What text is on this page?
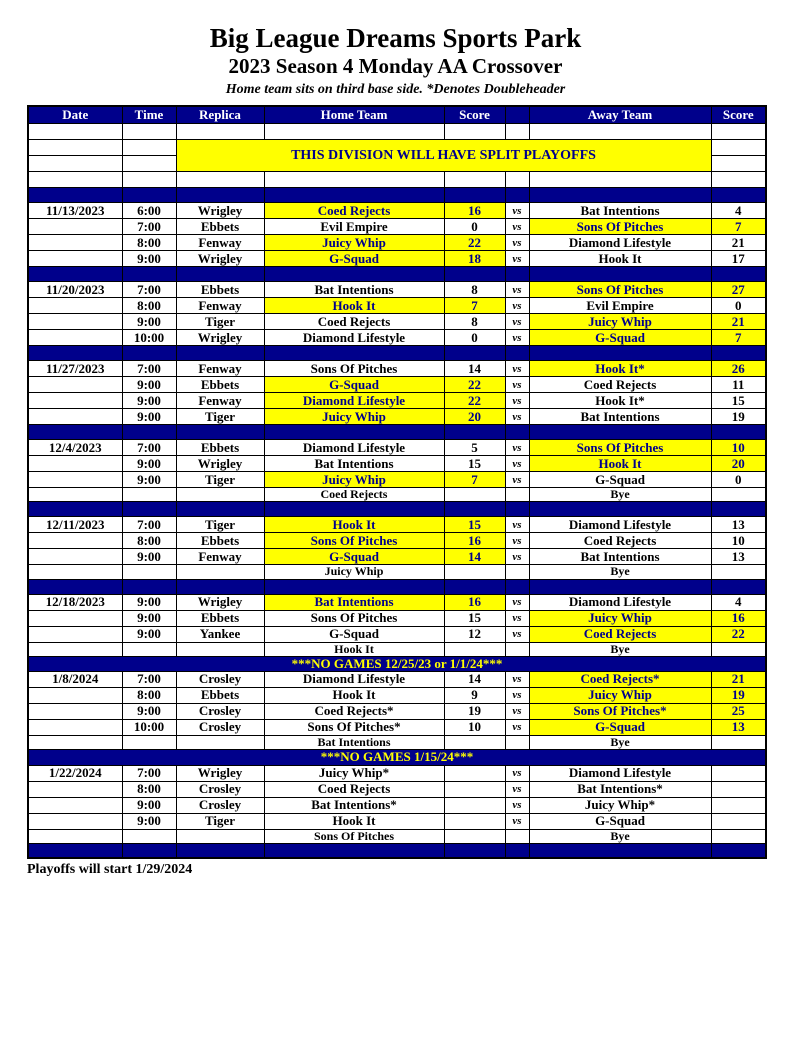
Big League Dreams Sports Park
2023 Season 4 Monday AA Crossover
Home team sits on third base side. *Denotes Doubleheader
Date	Time	Replica	Home Team	Score		Away Team	Score

		THIS DIVISION WILL HAVE SPLIT PLAYOFFS					

11/13/2023	6:00	Wrigley	Coed Rejects	16	vs	Bat Intentions	4
	7:00	Ebbets	Evil Empire	0	vs	Sons Of Pitches	7
	8:00	Fenway	Juicy Whip	22	vs	Diamond Lifestyle	21
	9:00	Wrigley	G-Squad	18	vs	Hook It	17

11/20/2023	7:00	Ebbets	Bat Intentions	8	vs	Sons Of Pitches	27
	8:00	Fenway	Hook It	7	vs	Evil Empire	0
	9:00	Tiger	Coed Rejects	8	vs	Juicy Whip	21
	10:00	Wrigley	Diamond Lifestyle	0	vs	G-Squad	7

11/27/2023	7:00	Fenway	Sons Of Pitches	14	vs	Hook It*	26
	9:00	Ebbets	G-Squad	22	vs	Coed Rejects	11
	9:00	Fenway	Diamond Lifestyle	22	vs	Hook It*	15
	9:00	Tiger	Juicy Whip	20	vs	Bat Intentions	19

12/4/2023	7:00	Ebbets	Diamond Lifestyle	5	vs	Sons Of Pitches	10
	9:00	Wrigley	Bat Intentions	15	vs	Hook It	20
	9:00	Tiger	Juicy Whip	7	vs	G-Squad	0
			Coed Rejects			Bye	

12/11/2023	7:00	Tiger	Hook It	15	vs	Diamond Lifestyle	13
	8:00	Ebbets	Sons Of Pitches	16	vs	Coed Rejects	10
	9:00	Fenway	G-Squad	14	vs	Bat Intentions	13
			Juicy Whip			Bye	

12/18/2023	9:00	Wrigley	Bat Intentions	16	vs	Diamond Lifestyle	4
	9:00	Ebbets	Sons Of Pitches	15	vs	Juicy Whip	16
	9:00	Yankee	G-Squad	12	vs	Coed Rejects	22
			Hook It			Bye	
***NO GAMES 12/25/23 or 1/1/24***							
1/8/2024	7:00	Crosley	Diamond Lifestyle	14	vs	Coed Rejects*	21
	8:00	Ebbets	Hook It	9	vs	Juicy Whip	19
	9:00	Crosley	Coed Rejects*	19	vs	Sons Of Pitches*	25
	10:00	Crosley	Sons Of Pitches*	10	vs	G-Squad	13
			Bat Intentions			Bye	
***NO GAMES 1/15/24***							
1/22/2024	7:00	Wrigley	Juicy Whip*		vs	Diamond Lifestyle	
	8:00	Crosley	Coed Rejects		vs	Bat Intentions*	
	9:00	Crosley	Bat Intentions*		vs	Juicy Whip*	
	9:00	Tiger	Hook It		vs	G-Squad	
			Sons Of Pitches			Bye	

Playoffs will start 1/29/2024
